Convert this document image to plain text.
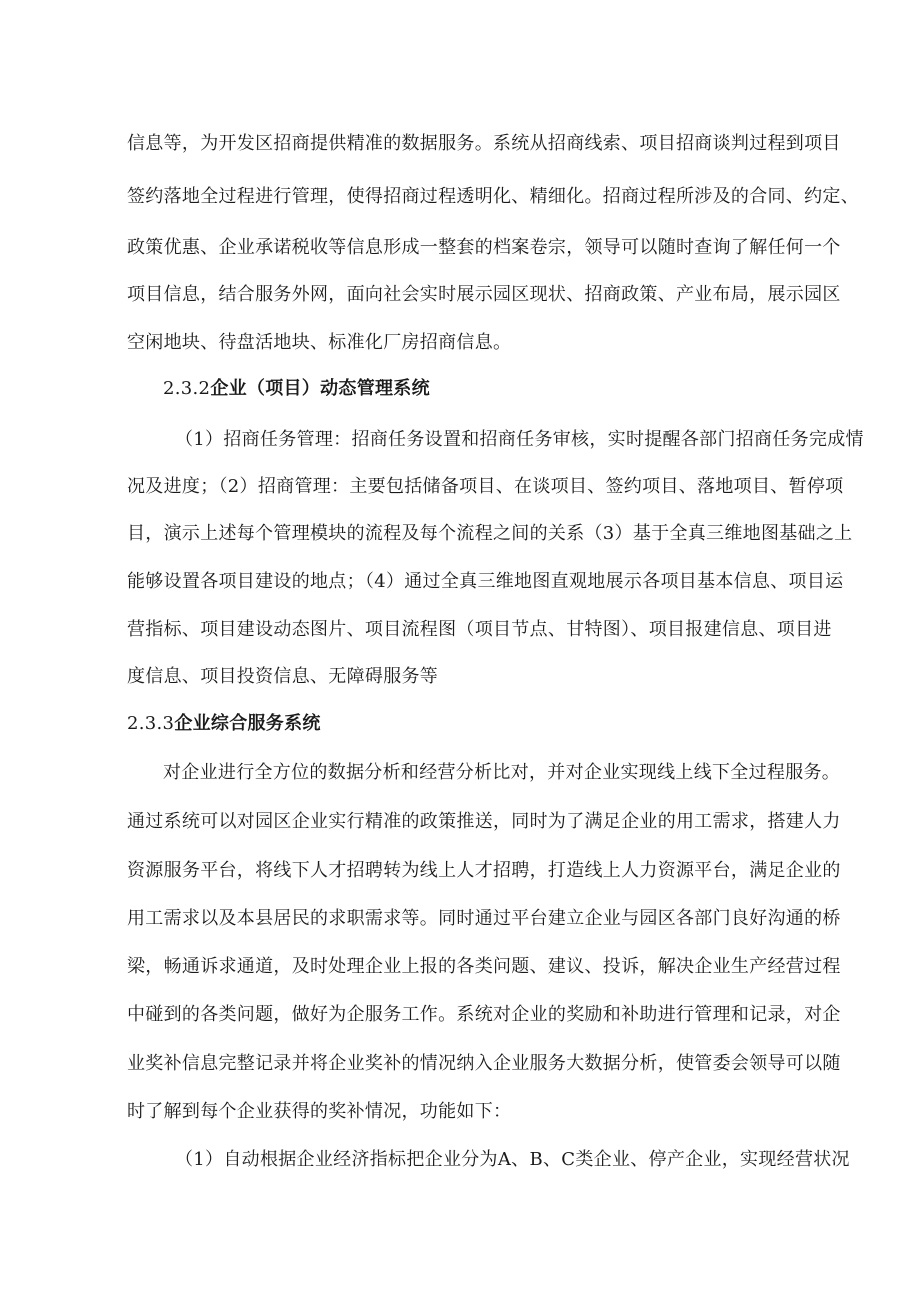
信息等，为开发区招商提供精准的数据服务。系统从招商线索、项目招商谈判过程到项目
签约落地全过程进行管理，使得招商过程透明化、精细化。招商过程所涉及的合同、约定、
政策优惠、企业承诺税收等信息形成一整套的档案卷宗，领导可以随时查询了解任何一个
项目信息，结合服务外网，面向社会实时展示园区现状、招商政策、产业布局，展示园区
空闲地块、待盘活地块、标准化厂房招商信息。
2.3.2企业（项目）动态管理系统
（1）招商任务管理：招商任务设置和招商任务审核，实时提醒各部门招商任务完成情
况及进度；（2）招商管理：主要包括储备项目、在谈项目、签约项目、落地项目、暂停项
目，演示上述每个管理模块的流程及每个流程之间的关系（3）基于全真三维地图基础之上
能够设置各项目建设的地点；（4）通过全真三维地图直观地展示各项目基本信息、项目运
营指标、项目建设动态图片、项目流程图（项目节点、甘特图）、项目报建信息、项目进
度信息、项目投资信息、无障碍服务等
2.3.3企业综合服务系统
对企业进行全方位的数据分析和经营分析比对，并对企业实现线上线下全过程服务。
通过系统可以对园区企业实行精准的政策推送，同时为了满足企业的用工需求，搭建人力
资源服务平台，将线下人才招聘转为线上人才招聘，打造线上人力资源平台，满足企业的
用工需求以及本县居民的求职需求等。同时通过平台建立企业与园区各部门良好沟通的桥
梁，畅通诉求通道，及时处理企业上报的各类问题、建议、投诉，解决企业生产经营过程
中碰到的各类问题，做好为企服务工作。系统对企业的奖励和补助进行管理和记录，对企
业奖补信息完整记录并将企业奖补的情况纳入企业服务大数据分析，使管委会领导可以随
时了解到每个企业获得的奖补情况，功能如下：
（1）自动根据企业经济指标把企业分为A、B、C类企业、停产企业，实现经营状况
